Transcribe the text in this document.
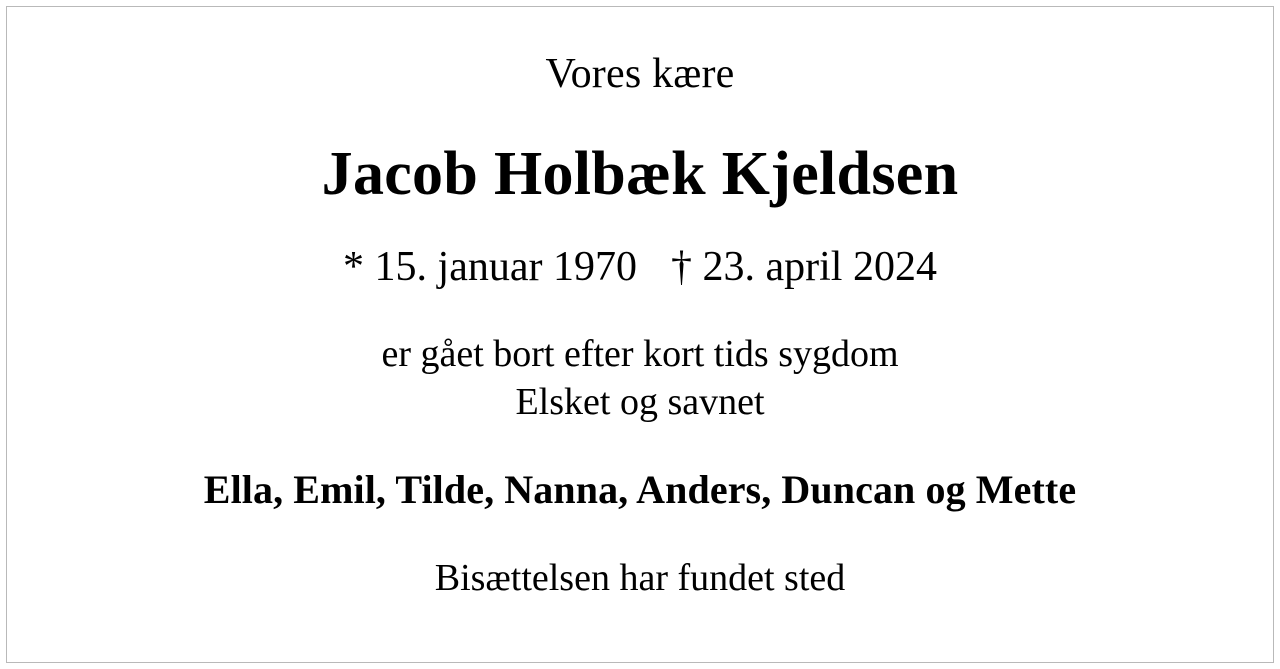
Vores kære
Jacob Holbæk Kjeldsen
* 15. januar 1970 † 23. april 2024
er gået bort efter kort tids sygdom
Elsket og savnet
Ella, Emil, Tilde, Nanna, Anders, Duncan og Mette
Bisættelsen har fundet sted
